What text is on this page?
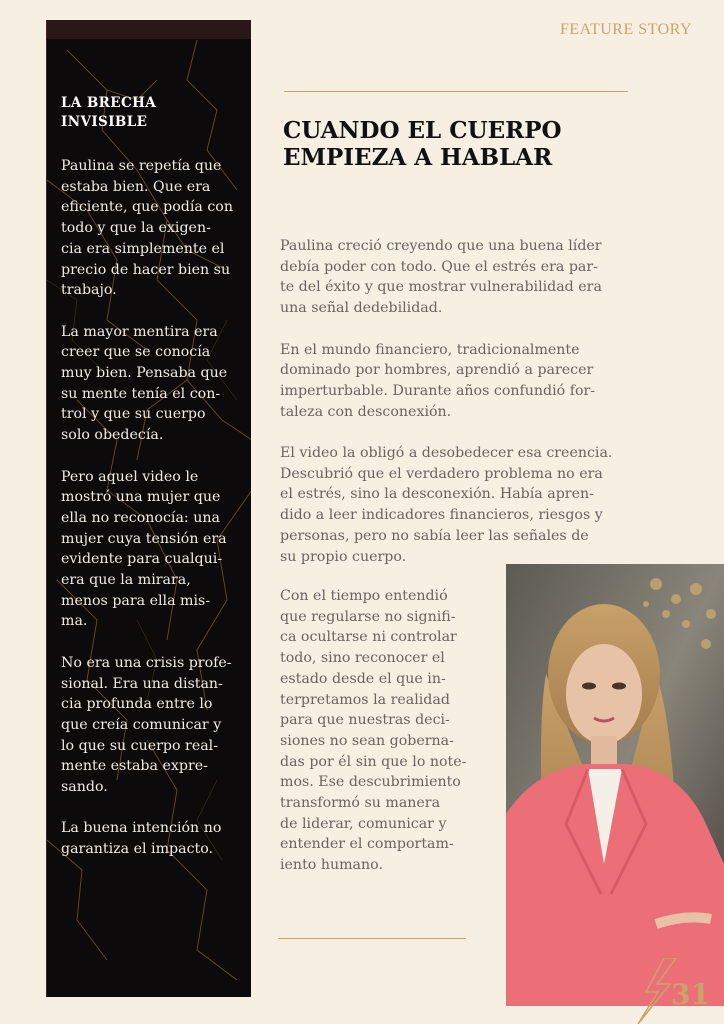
FEATURE STORY
LA BRECHA
INVISIBLE

Paulina se repetía que
estaba bien. Que era
eficiente, que podía con
todo y que la exigen-
cia era simplemente el
precio de hacer bien su
trabajo.

La mayor mentira era
creer que se conocía
muy bien. Pensaba que
su mente tenía el con-
trol y que su cuerpo
solo obedecía.

Pero aquel video le
mostró una mujer que
ella no reconocía: una
mujer cuya tensión era
evidente para cualqui-
era que la mirara,
menos para ella mis-
ma.

No era una crisis profe-
sional. Era una distan-
cia profunda entre lo
que creía comunicar y
lo que su cuerpo real-
mente estaba expre-
sando.

La buena intención no
garantiza el impacto.

CUANDO EL CUERPO
EMPIEZA A HABLAR

Paulina creció creyendo que una buena líder
debía poder con todo. Que el estrés era par-
te del éxito y que mostrar vulnerabilidad era
una señal dedebilidad.

En el mundo financiero, tradicionalmente
dominado por hombres, aprendió a parecer
imperturbable. Durante años confundió for-
taleza con desconexión.

El video la obligó a desobedecer esa creencia.
Descubrió que el verdadero problema no era
el estrés, sino la desconexión. Había apren-
dido a leer indicadores financieros, riesgos y
personas, pero no sabía leer las señales de
su propio cuerpo.

Con el tiempo entendió
que regularse no signifi-
ca ocultarse ni controlar
todo, sino reconocer el
estado desde el que in-
terpretamos la realidad
para que nuestras deci-
siones no sean goberna-
das por él sin que lo note-
mos. Ese descubrimiento
transformó su manera
de liderar, comunicar y
entender el comportam-
iento humano.

31
